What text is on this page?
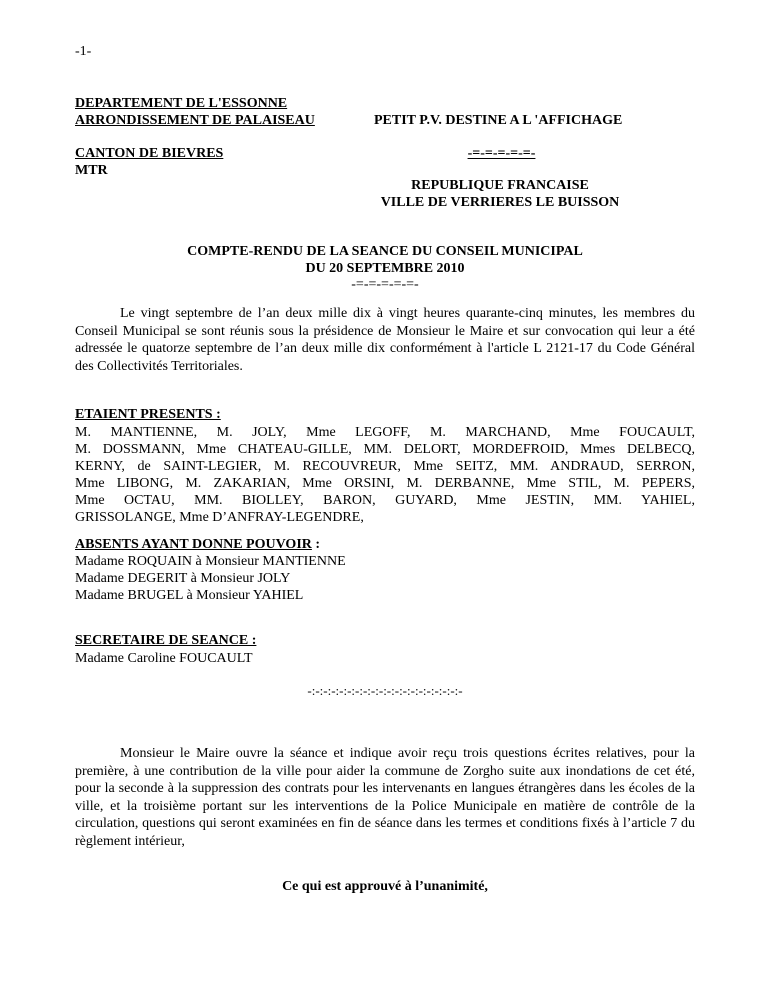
-1-
DEPARTEMENT DE L'ESSONNE
ARRONDISSEMENT DE PALAISEAU	PETIT P.V. DESTINE A L 'AFFICHAGE
CANTON DE BIEVRES	-=-=-=-=-=-
MTR
REPUBLIQUE FRANCAISE
VILLE DE VERRIERES LE BUISSON
COMPTE-RENDU DE LA SEANCE DU CONSEIL MUNICIPAL
DU 20 SEPTEMBRE 2010
-=-=-=-=-=-
Le vingt septembre de l’an deux mille dix à vingt heures quarante-cinq minutes, les membres du Conseil Municipal se sont réunis sous la présidence de Monsieur le Maire et sur convocation qui leur a été adressée le quatorze septembre de l’an deux mille dix conformément à l'article L 2121-17 du Code Général des Collectivités Territoriales.
ETAIENT PRESENTS :
M. MANTIENNE, M. JOLY, Mme LEGOFF, M. MARCHAND, Mme FOUCAULT,
M. DOSSMANN, Mme CHATEAU-GILLE, MM. DELORT, MORDEFROID, Mmes DELBECQ,
KERNY, de SAINT-LEGIER, M. RECOUVREUR, Mme SEITZ, MM. ANDRAUD, SERRON,
Mme LIBONG, M. ZAKARIAN, Mme ORSINI, M. DERBANNE, Mme STIL, M. PEPERS,
Mme OCTAU, MM. BIOLLEY, BARON, GUYARD, Mme JESTIN, MM. YAHIEL,
GRISSOLANGE, Mme D’ANFRAY-LEGENDRE,
ABSENTS AYANT DONNE POUVOIR :
Madame ROQUAIN à Monsieur MANTIENNE
Madame DEGERIT à Monsieur JOLY
Madame BRUGEL à Monsieur YAHIEL
SECRETAIRE DE SEANCE :
Madame Caroline FOUCAULT
-:-:-:-:-:-:-:-:-:-:-:-:-:-:-:-:-:-:-:-
Monsieur le Maire ouvre la séance et indique avoir reçu trois questions écrites relatives, pour la première, à une contribution de la ville pour aider la commune de Zorgho suite aux inondations de cet été, pour la seconde à la suppression des contrats pour les intervenants en langues étrangères dans les écoles de la ville, et la troisième portant sur les interventions de la Police Municipale en matière de contrôle de la circulation, questions qui seront examinées en fin de séance dans les termes et conditions fixés à l’article 7 du règlement intérieur,
Ce qui est approuvé à l’unanimité,
